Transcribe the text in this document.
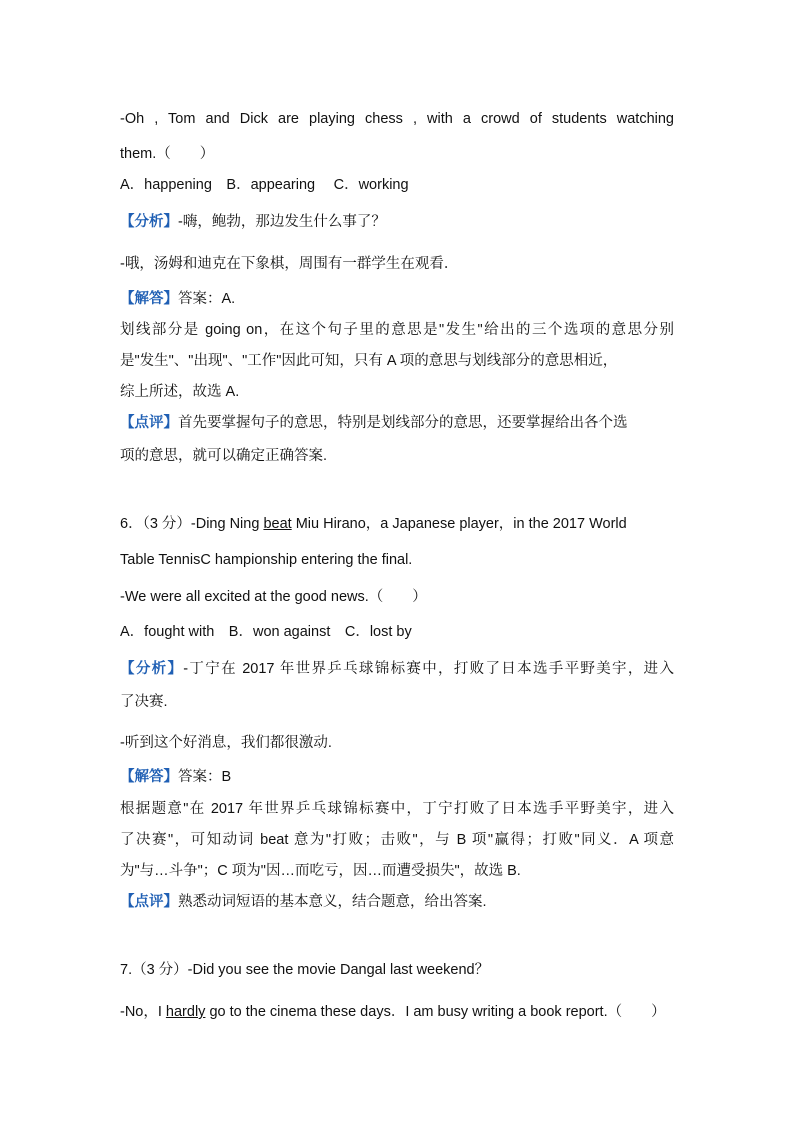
-Oh , Tom and Dick are playing chess , with a crowd of students watching
them.（　　）
A．happening　B．appearing　 C．working
【分析】-嗨，鲍勃，那边发生什么事了？
-哦，汤姆和迪克在下象棋，周围有一群学生在观看．
【解答】答案：A.
划线部分是 going on，在这个句子里的意思是"发生"给出的三个选项的意思分别
是"发生"、"出现"、"工作"因此可知，只有 A 项的意思与划线部分的意思相近，
综上所述，故选 A.
【点评】首先要掌握句子的意思，特别是划线部分的意思，还要掌握给出各个选
项的意思，就可以确定正确答案.
6．（3 分）-Ding Ning beat Miu Hirano，a Japanese player，in the 2017 World
Table TennisC hampionship entering the final.
-We were all excited at the good news.（　　）
A．fought with　B．won against　C．lost by
【分析】-丁宁在 2017 年世界乒乓球锦标赛中，打败了日本选手平野美宇，进入
了决赛.
-听到这个好消息，我们都很激动.
【解答】答案：B
根据题意"在 2017 年世界乒乓球锦标赛中，丁宁打败了日本选手平野美宇，进入
了决赛"，可知动词 beat 意为"打败；击败"，与 B 项"赢得；打败"同义．A 项意
为"与…斗争"；C 项为"因…而吃亏，因…而遭受损失"，故选 B.
【点评】熟悉动词短语的基本意义，结合题意，给出答案.
7.（3 分）-Did you see the movie Dangal last weekend？
-No，I hardly go to the cinema these days．I am busy writing a book report.（　　）
